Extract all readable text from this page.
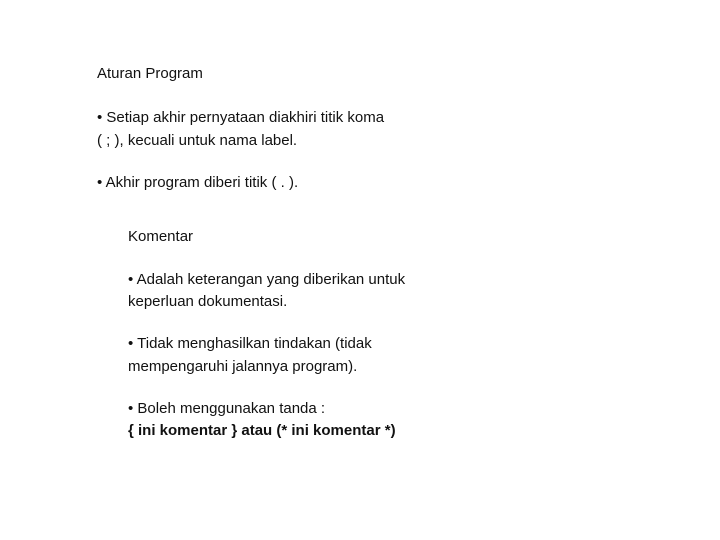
Aturan Program
• Setiap akhir pernyataan diakhiri titik koma
( ; ), kecuali untuk nama label.
• Akhir program diberi titik ( . ).
Komentar
• Adalah keterangan yang diberikan untuk
keperluan dokumentasi.
• Tidak menghasilkan tindakan (tidak
mempengaruhi jalannya program).
• Boleh menggunakan tanda :
{ ini komentar } atau (* ini komentar *)
